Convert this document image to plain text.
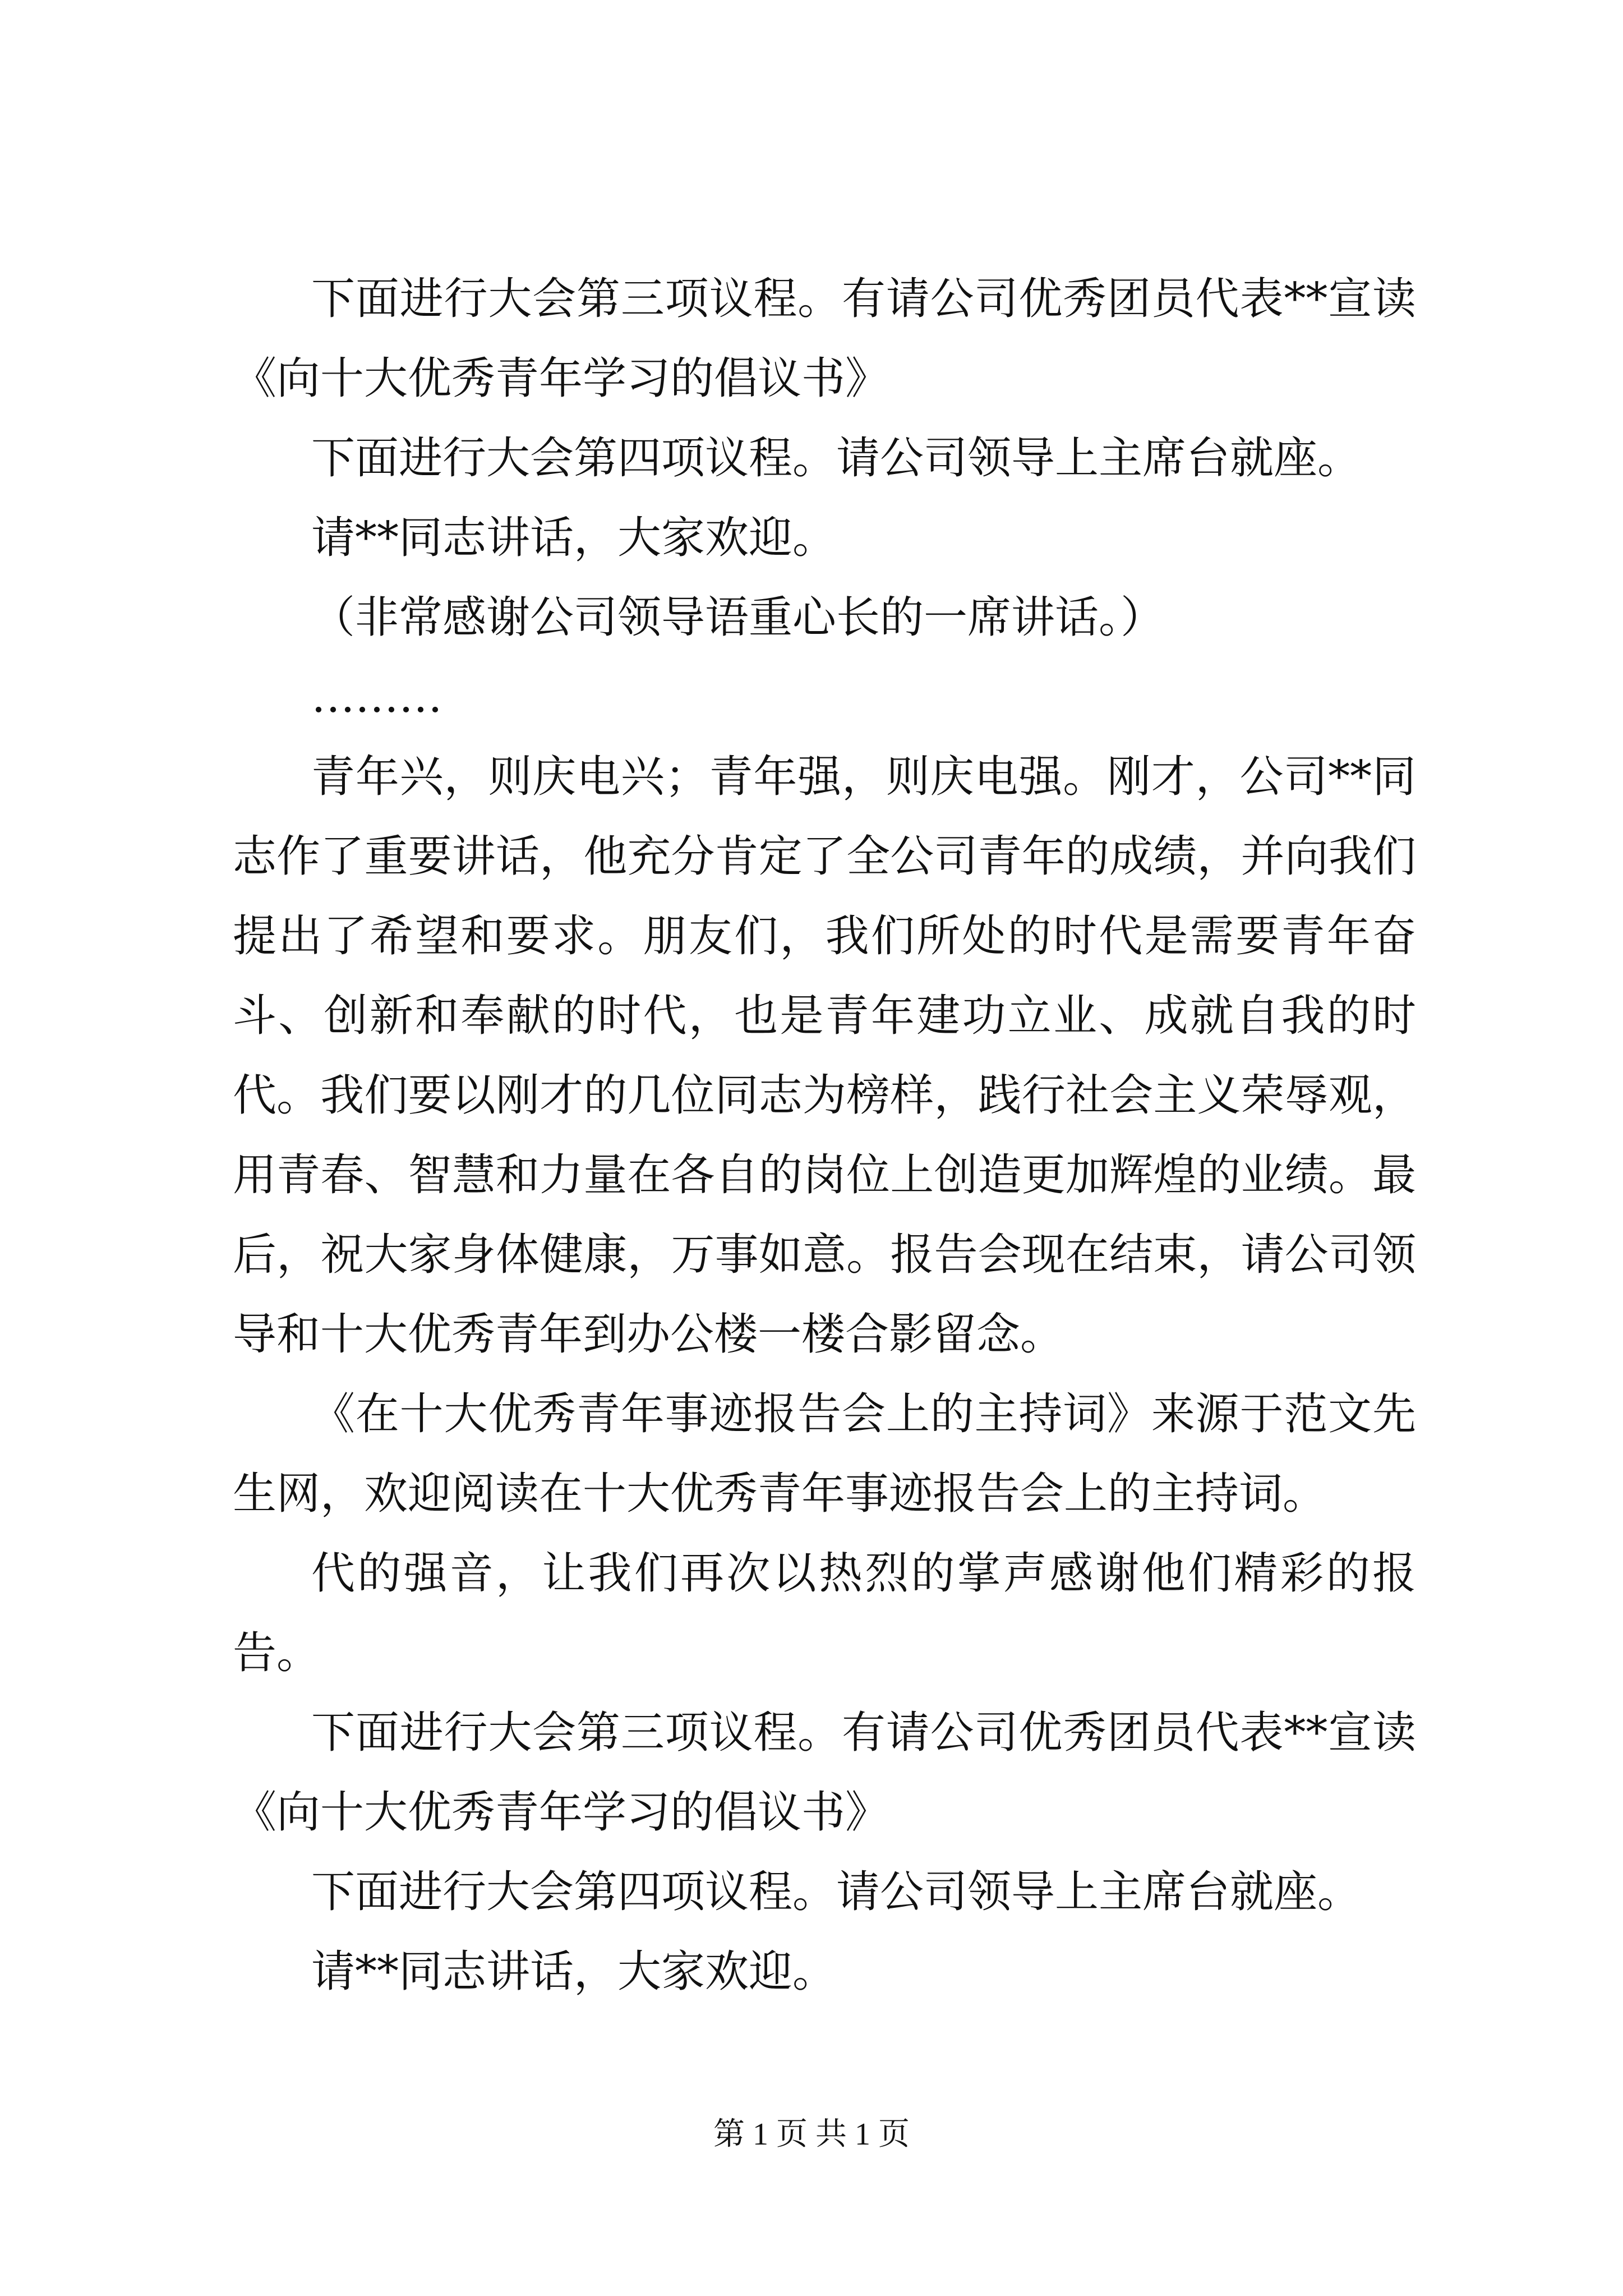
下面进行大会第三项议程。有请公司优秀团员代表**宣读《向十大优秀青年学习的倡议书》

下面进行大会第四项议程。请公司领导上主席台就座。

请**同志讲话，大家欢迎。

（非常感谢公司领导语重心长的一席讲话。）

………

青年兴，则庆电兴；青年强，则庆电强。刚才，公司**同志作了重要讲话，他充分肯定了全公司青年的成绩，并向我们提出了希望和要求。朋友们，我们所处的时代是需要青年奋斗、创新和奉献的时代，也是青年建功立业、成就自我的时代。我们要以刚才的几位同志为榜样，践行社会主义荣辱观，用青春、智慧和力量在各自的岗位上创造更加辉煌的业绩。最后，祝大家身体健康，万事如意。报告会现在结束，请公司领导和十大优秀青年到办公楼一楼合影留念。

《在十大优秀青年事迹报告会上的主持词》来源于范文先生网，欢迎阅读在十大优秀青年事迹报告会上的主持词。

代的强音，让我们再次以热烈的掌声感谢他们精彩的报告。

下面进行大会第三项议程。有请公司优秀团员代表**宣读《向十大优秀青年学习的倡议书》

下面进行大会第四项议程。请公司领导上主席台就座。

请**同志讲话，大家欢迎。

第 1 页 共 1 页
